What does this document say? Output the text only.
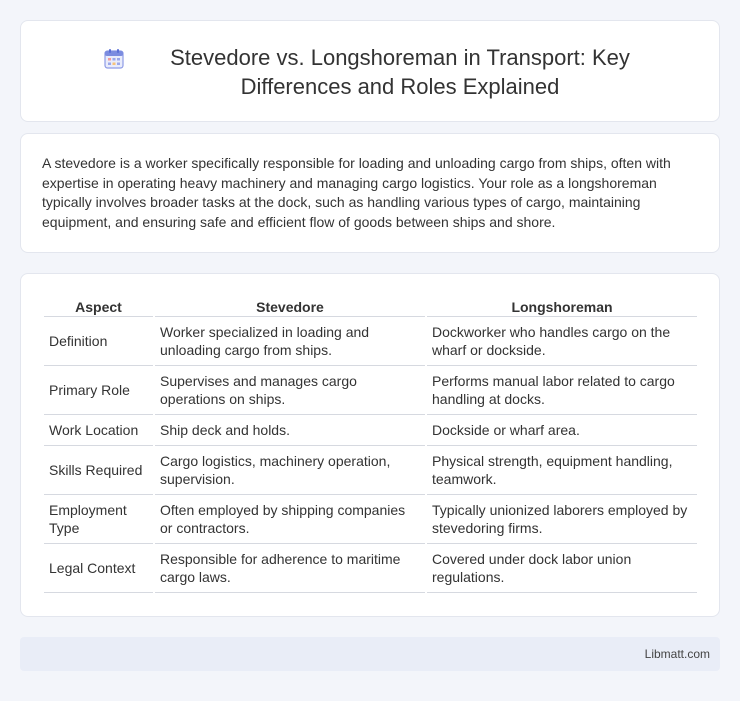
Stevedore vs. Longshoreman in Transport: Key Differences and Roles Explained

A stevedore is a worker specifically responsible for loading and unloading cargo from ships, often with expertise in operating heavy machinery and managing cargo logistics. Your role as a longshoreman typically involves broader tasks at the dock, such as handling various types of cargo, maintaining equipment, and ensuring safe and efficient flow of goods between ships and shore.

Aspect	Stevedore	Longshoreman
Definition	Worker specialized in loading and unloading cargo from ships.	Dockworker who handles cargo on the wharf or dockside.
Primary Role	Supervises and manages cargo operations on ships.	Performs manual labor related to cargo handling at docks.
Work Location	Ship deck and holds.	Dockside or wharf area.
Skills Required	Cargo logistics, machinery operation, supervision.	Physical strength, equipment handling, teamwork.
Employment Type	Often employed by shipping companies or contractors.	Typically unionized laborers employed by stevedoring firms.
Legal Context	Responsible for adherence to maritime cargo laws.	Covered under dock labor union regulations.
Libmatt.com
